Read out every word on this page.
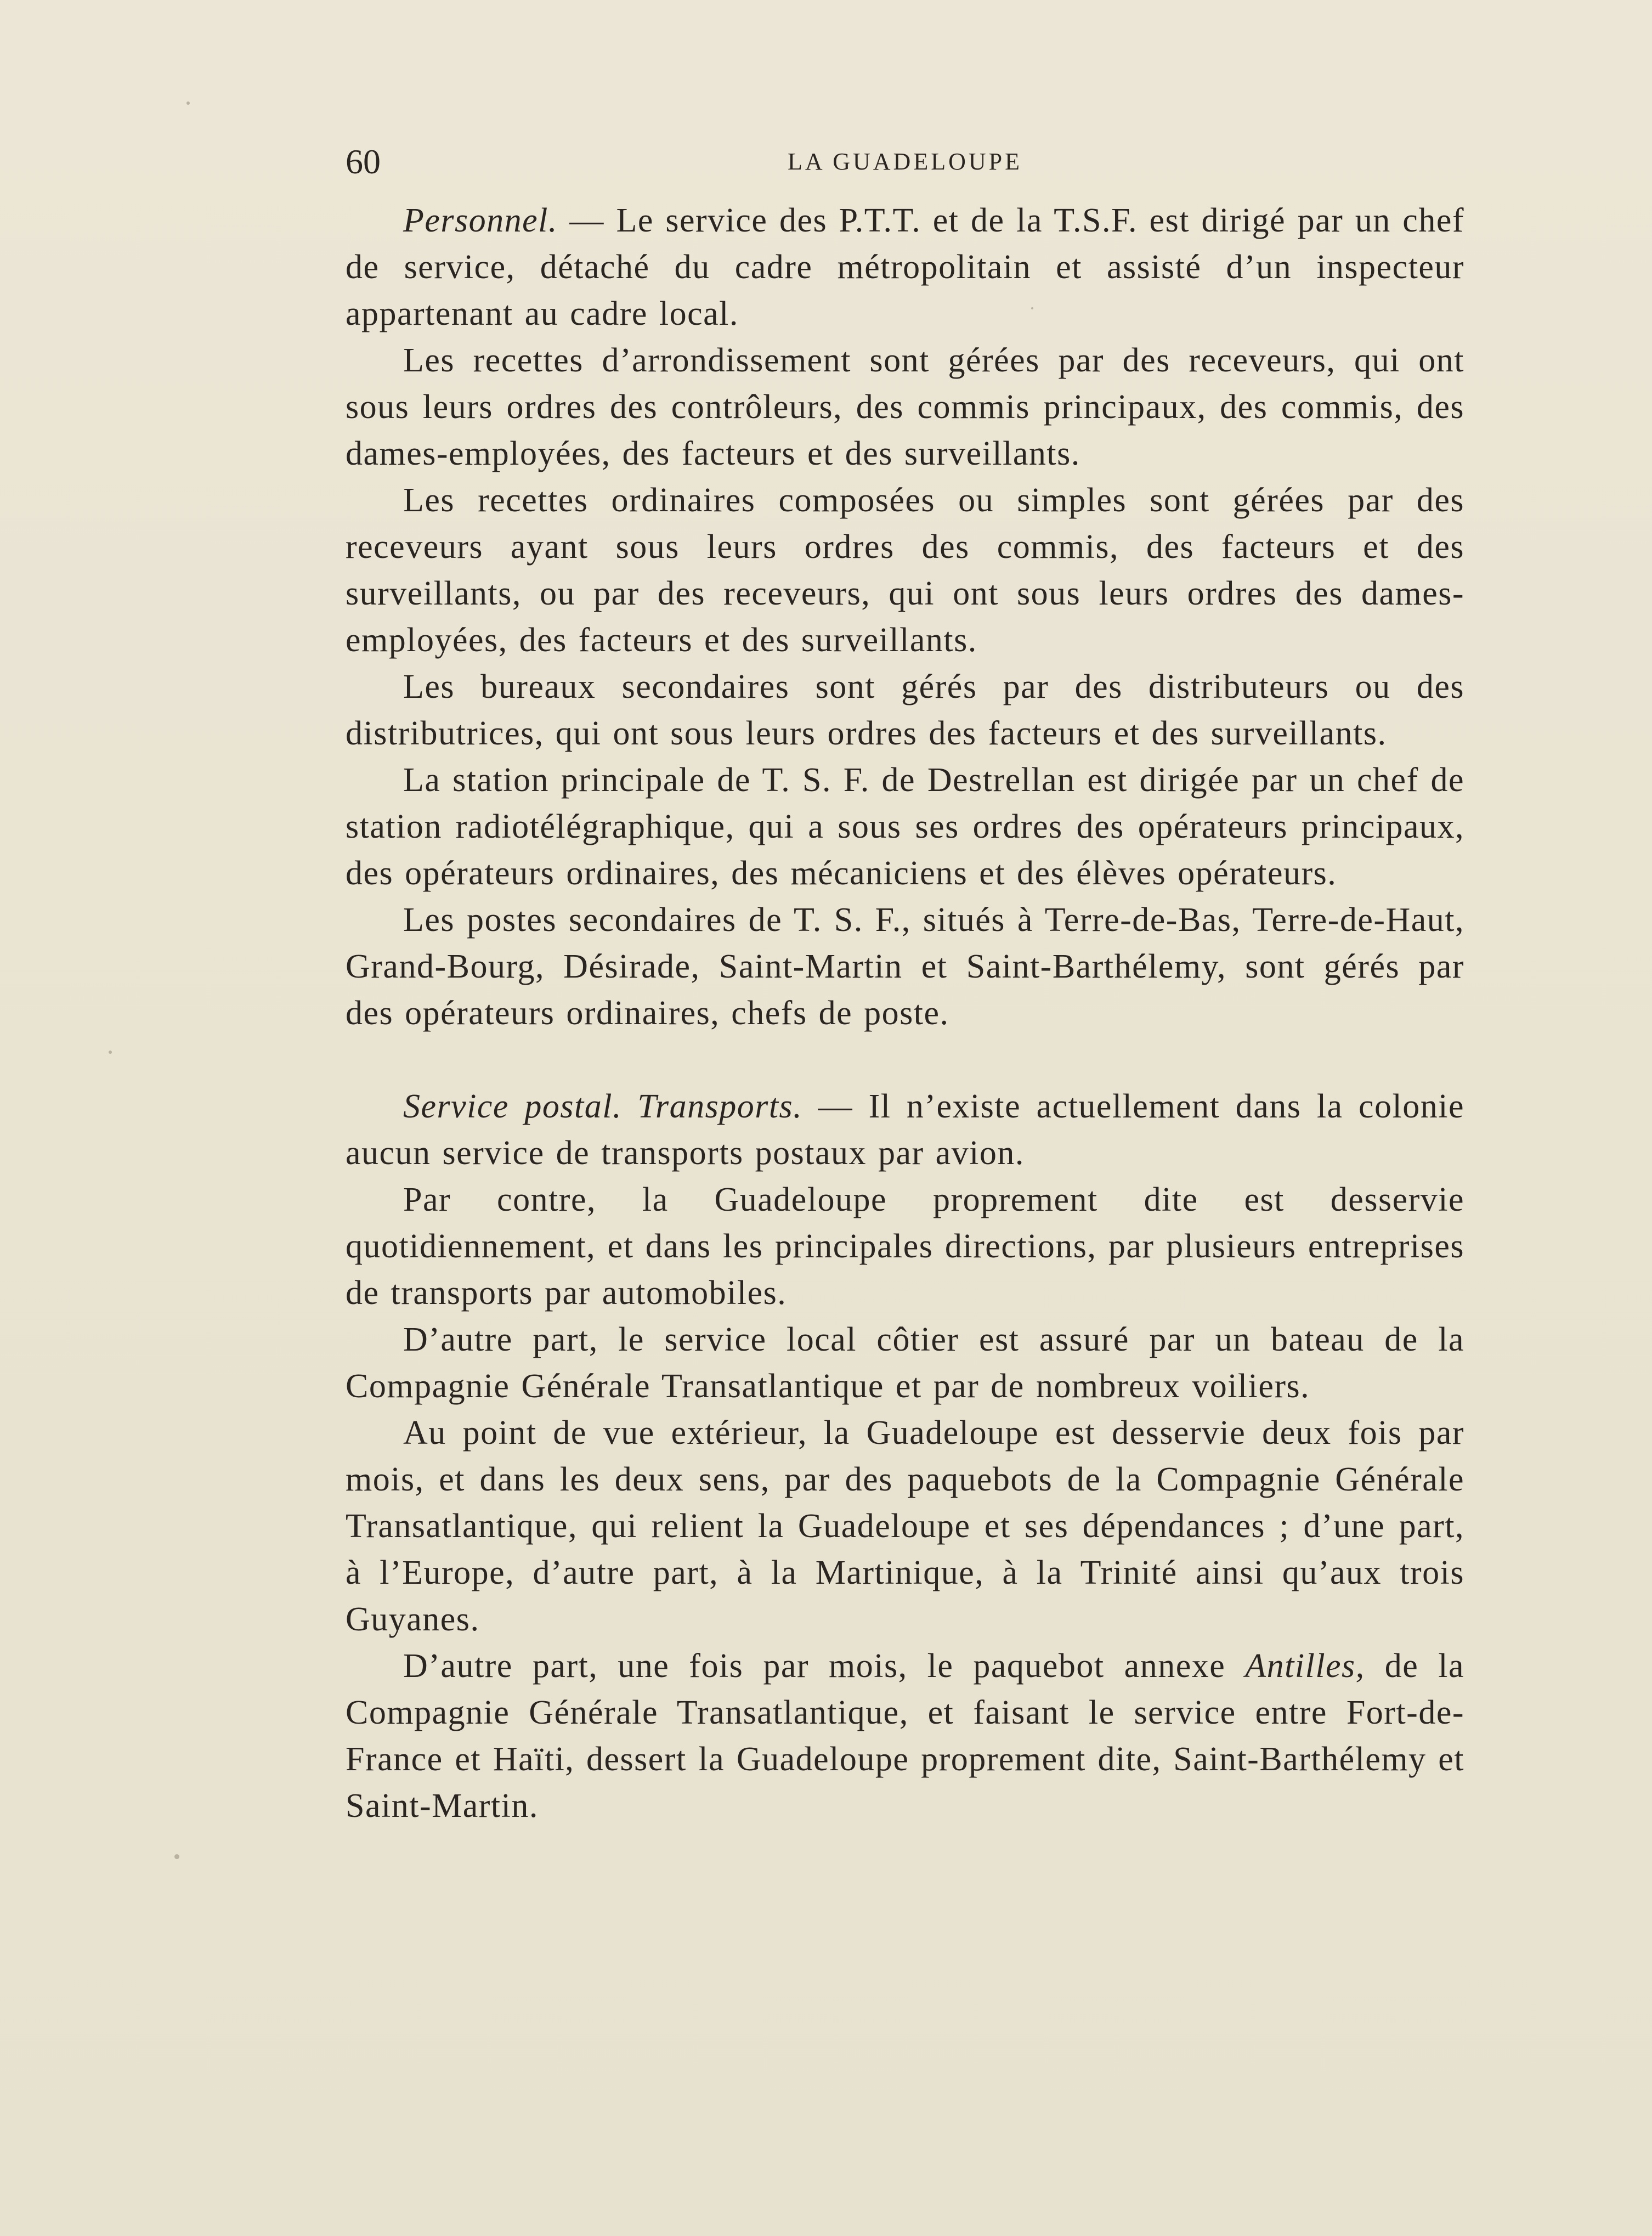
60	LA GUADELOUPE

Personnel. — Le service des P.T.T. et de la T.S.F. est dirigé par un chef de service, détaché du cadre métropolitain et assisté d’un inspecteur appartenant au cadre local.

Les recettes d’arrondissement sont gérées par des receveurs, qui ont sous leurs ordres des contrôleurs, des commis principaux, des commis, des dames-employées, des facteurs et des surveillants.

Les recettes ordinaires composées ou simples sont gérées par des receveurs ayant sous leurs ordres des commis, des facteurs et des surveillants, ou par des receveurs, qui ont sous leurs ordres des dames-employées, des facteurs et des surveillants.

Les bureaux secondaires sont gérés par des distributeurs ou des distributrices, qui ont sous leurs ordres des facteurs et des surveillants.

La station principale de T. S. F. de Destrellan est dirigée par un chef de station radiotélégraphique, qui a sous ses ordres des opérateurs principaux, des opérateurs ordinaires, des mécaniciens et des élèves opérateurs.

Les postes secondaires de T. S. F., situés à Terre-de-Bas, Terre-de-Haut, Grand-Bourg, Désirade, Saint-Martin et Saint-Barthélemy, sont gérés par des opérateurs ordinaires, chefs de poste.

Service postal. Transports. — Il n’existe actuellement dans la colonie aucun service de transports postaux par avion.

Par contre, la Guadeloupe proprement dite est desservie quotidiennement, et dans les principales directions, par plusieurs entreprises de transports par automobiles.

D’autre part, le service local côtier est assuré par un bateau de la Compagnie Générale Transatlantique et par de nombreux voiliers.

Au point de vue extérieur, la Guadeloupe est desservie deux fois par mois, et dans les deux sens, par des paquebots de la Compagnie Générale Transatlantique, qui relient la Guadeloupe et ses dépendances ; d’une part, à l’Europe, d’autre part, à la Martinique, à la Trinité ainsi qu’aux trois Guyanes.

D’autre part, une fois par mois, le paquebot annexe Antilles, de la Compagnie Générale Transatlantique, et faisant le service entre Fort-de-France et Haïti, dessert la Guadeloupe proprement dite, Saint-Barthélemy et Saint-Martin.
